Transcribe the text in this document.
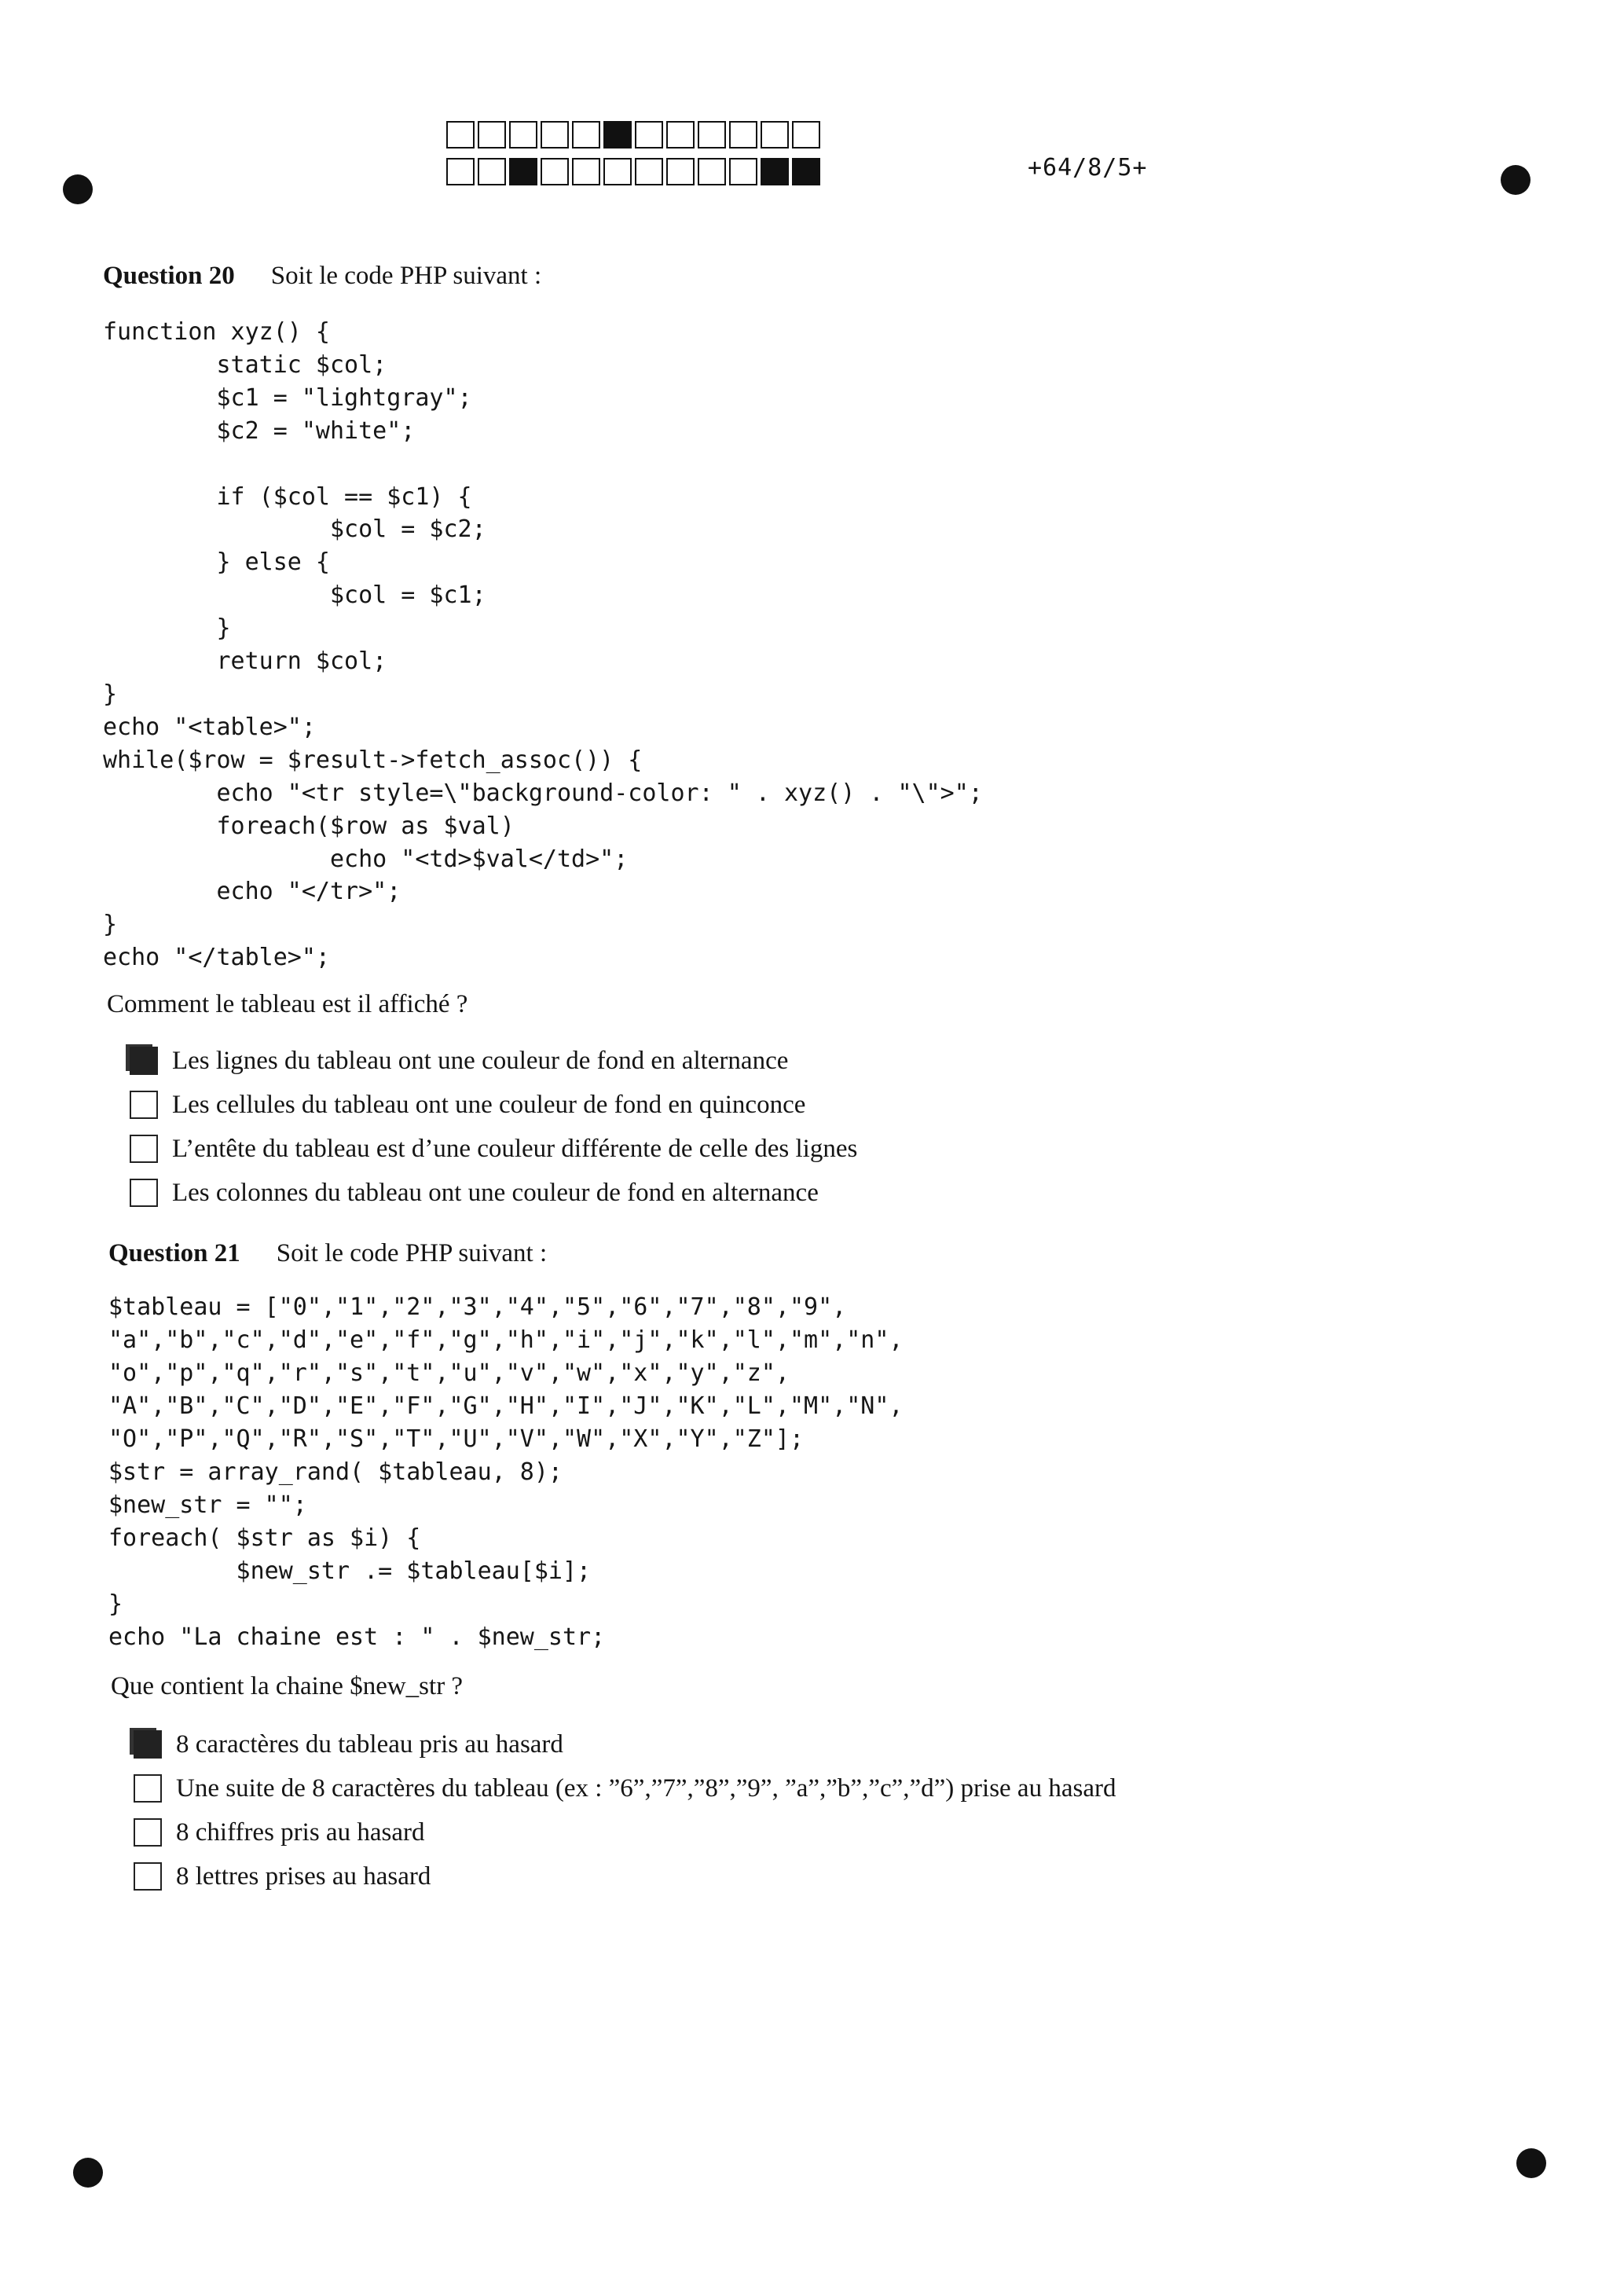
+64/8/5+
Question 20 Soit le code PHP suivant :
function xyz() {
static $col;
$c1 = "lightgray";
$c2 = "white";

if ($col == $c1) {
$col = $c2;
} else {
$col = $c1;
}
return $col;
}
echo "<table>";
while($row = $result->fetch_assoc()) {
echo "<tr style=\"background-color: " . xyz() . "\">";
foreach($row as $val)
echo "<td>$val</td>";
echo "</tr>";
}
echo "</table>";
Comment le tableau est il affiché ?
Les lignes du tableau ont une couleur de fond en alternance
Les cellules du tableau ont une couleur de fond en quinconce
L’entête du tableau est d’une couleur différente de celle des lignes
Les colonnes du tableau ont une couleur de fond en alternance
Question 21 Soit le code PHP suivant :
$tableau = ["0","1","2","3","4","5","6","7","8","9",
"a","b","c","d","e","f","g","h","i","j","k","l","m","n",
"o","p","q","r","s","t","u","v","w","x","y","z",
"A","B","C","D","E","F","G","H","I","J","K","L","M","N",
"O","P","Q","R","S","T","U","V","W","X","Y","Z"];
$str = array_rand( $tableau, 8);
$new_str = "";
foreach( $str as $i) {
$new_str .= $tableau[$i];
}
echo "La chaine est : " . $new_str;
Que contient la chaine $new_str ?
8 caractères du tableau pris au hasard
Une suite de 8 caractères du tableau (ex : ”6”,”7”,”8”,”9”, ”a”,”b”,”c”,”d”) prise au hasard
8 chiffres pris au hasard
8 lettres prises au hasard
